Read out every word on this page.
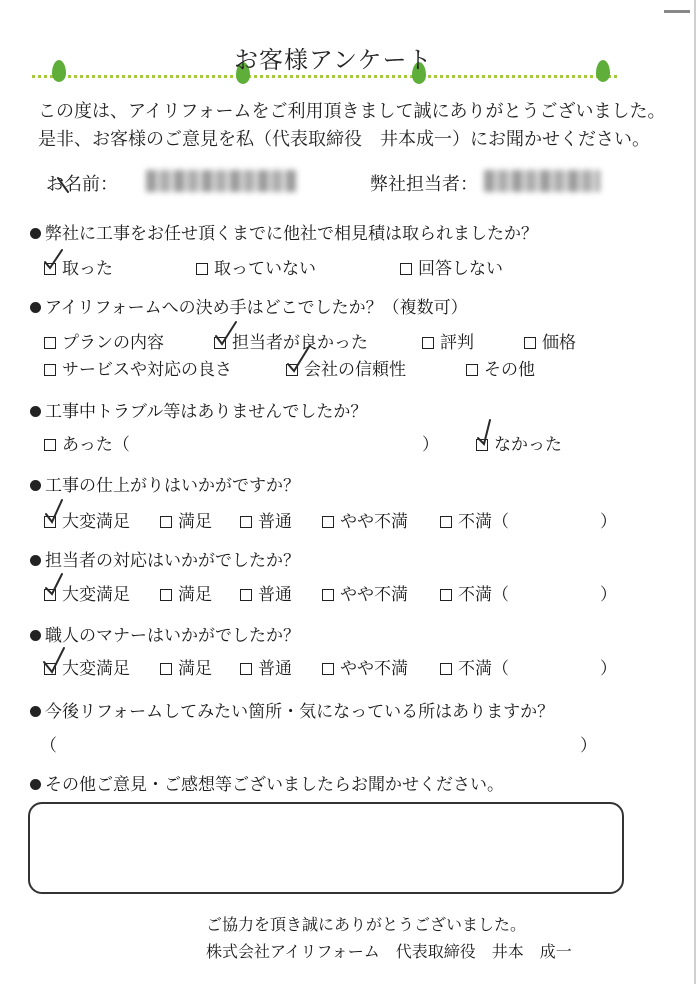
お客様アンケート
この度は、アイリフォームをご利用頂きまして誠にありがとうございました。
是非、お客様のご意見を私（代表取締役　井本成一）にお聞かせください。
お名前：	弊社担当者：
弊社に工事をお任せ頂くまでに他社で相見積は取られましたか？
取った	取っていない	回答しない
アイリフォームへの決め手はどこでしたか？（複数可）
プランの内容	担当者が良かった	評判	価格
サービスや対応の良さ	会社の信頼性	その他
工事中トラブル等はありませんでしたか？
あった（	）	なかった
工事の仕上がりはいかがですか？
大変満足	満足	普通	やや不満	不満（	）
担当者の対応はいかがでしたか？
大変満足	満足	普通	やや不満	不満（	）
職人のマナーはいかがでしたか？
大変満足	満足	普通	やや不満	不満（	）
今後リフォームしてみたい箇所・気になっている所はありますか？
（	）
その他ご意見・ご感想等ございましたらお聞かせください。
ご協力を頂き誠にありがとうございました。
株式会社アイリフォーム　代表取締役　井本　成一
